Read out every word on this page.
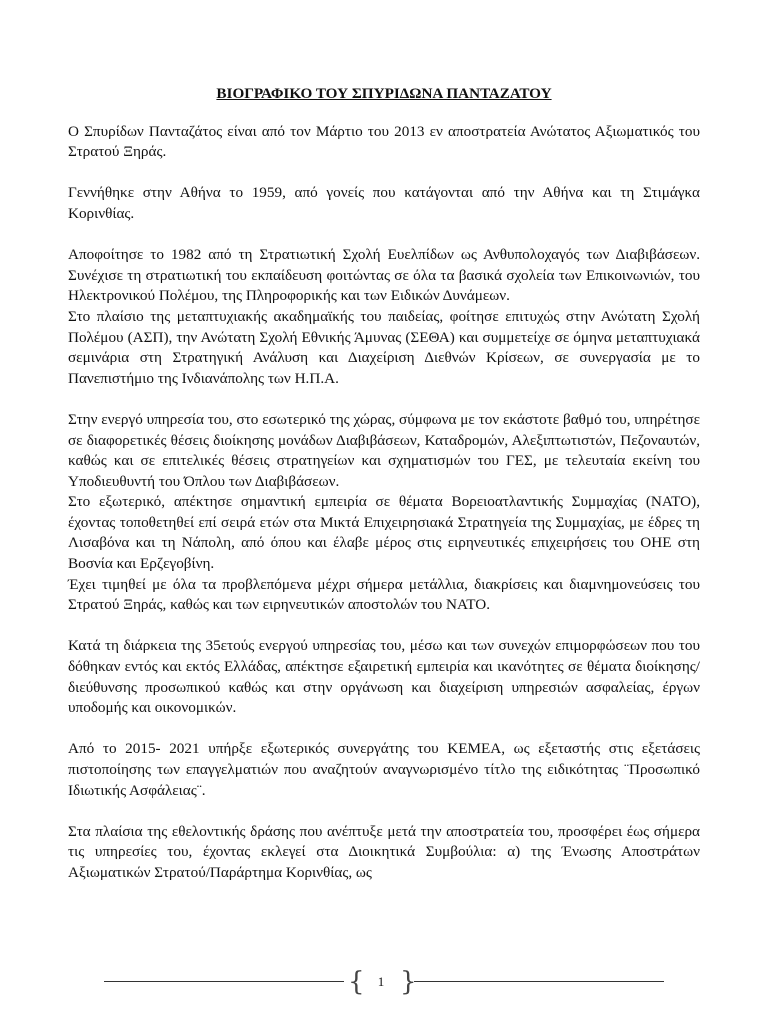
ΒΙΟΓΡΑΦΙΚΟ ΤΟΥ ΣΠΥΡΙΔΩΝΑ ΠΑΝΤΑΖΑΤΟΥ

Ο Σπυρίδων Πανταζάτος είναι από τον Μάρτιο του 2013 εν αποστρατεία Ανώτατος Αξιωματικός του Στρατού Ξηράς.

Γεννήθηκε στην Αθήνα το 1959, από γονείς που κατάγονται από την Αθήνα και τη Στιμάγκα Κορινθίας.

Αποφοίτησε το 1982 από τη Στρατιωτική Σχολή Ευελπίδων ως Ανθυπολοχαγός των Διαβιβάσεων. Συνέχισε τη στρατιωτική του εκπαίδευση φοιτώντας σε όλα τα βασικά σχολεία των Επικοινωνιών, του Ηλεκτρονικού Πολέμου, της Πληροφορικής και των Ειδικών Δυνάμεων.

Στο πλαίσιο της μεταπτυχιακής ακαδημαϊκής του παιδείας, φοίτησε επιτυχώς στην Ανώτατη Σχολή Πολέμου (ΑΣΠ), την Ανώτατη Σχολή Εθνικής Άμυνας (ΣΕΘΑ) και συμμετείχε σε όμηνα μεταπτυχιακά σεμινάρια στη Στρατηγική Ανάλυση και Διαχείριση Διεθνών Κρίσεων, σε συνεργασία με το Πανεπιστήμιο της Ινδιανάπολης των Η.Π.Α.

Στην ενεργό υπηρεσία του, στο εσωτερικό της χώρας, σύμφωνα με τον εκάστοτε βαθμό του, υπηρέτησε σε διαφορετικές θέσεις διοίκησης μονάδων Διαβιβάσεων, Καταδρομών, Αλεξιπτωτιστών, Πεζοναυτών, καθώς και σε επιτελικές θέσεις στρατηγείων και σχηματισμών του ΓΕΣ, με τελευταία εκείνη του Υποδιευθυντή του Όπλου των Διαβιβάσεων.

Στο εξωτερικό, απέκτησε σημαντική εμπειρία σε θέματα Βορειοατλαντικής Συμμαχίας (ΝΑΤΟ), έχοντας τοποθετηθεί επί σειρά ετών στα Μικτά Επιχειρησιακά Στρατηγεία της Συμμαχίας, με έδρες τη Λισαβόνα και τη Νάπολη, από όπου και έλαβε μέρος στις ειρηνευτικές επιχειρήσεις του ΟΗΕ στη Βοσνία και Ερζεγοβίνη.

Έχει τιμηθεί με όλα τα προβλεπόμενα μέχρι σήμερα μετάλλια, διακρίσεις και διαμνημονεύσεις του Στρατού Ξηράς, καθώς και των ειρηνευτικών αποστολών του ΝΑΤΟ.

Κατά τη διάρκεια της 35ετούς ενεργού υπηρεσίας του, μέσω και των συνεχών επιμορφώσεων που του δόθηκαν εντός και εκτός Ελλάδας, απέκτησε εξαιρετική εμπειρία και ικανότητες σε θέματα διοίκησης/διεύθυνσης προσωπικού καθώς και στην οργάνωση και διαχείριση υπηρεσιών ασφαλείας, έργων υποδομής και οικονομικών.

Από το 2015- 2021 υπήρξε εξωτερικός συνεργάτης του ΚΕΜΕΑ, ως εξεταστής στις εξετάσεις πιστοποίησης των επαγγελματιών που αναζητούν αναγνωρισμένο τίτλο της ειδικότητας ¨Προσωπικό Ιδιωτικής Ασφάλειας¨.

Στα πλαίσια της εθελοντικής δράσης που ανέπτυξε μετά την αποστρατεία του, προσφέρει έως σήμερα τις υπηρεσίες του, έχοντας εκλεγεί στα Διοικητικά Συμβούλια: α) της Ένωσης Αποστράτων Αξιωματικών Στρατού/Παράρτημα Κορινθίας, ως

{	1 }
